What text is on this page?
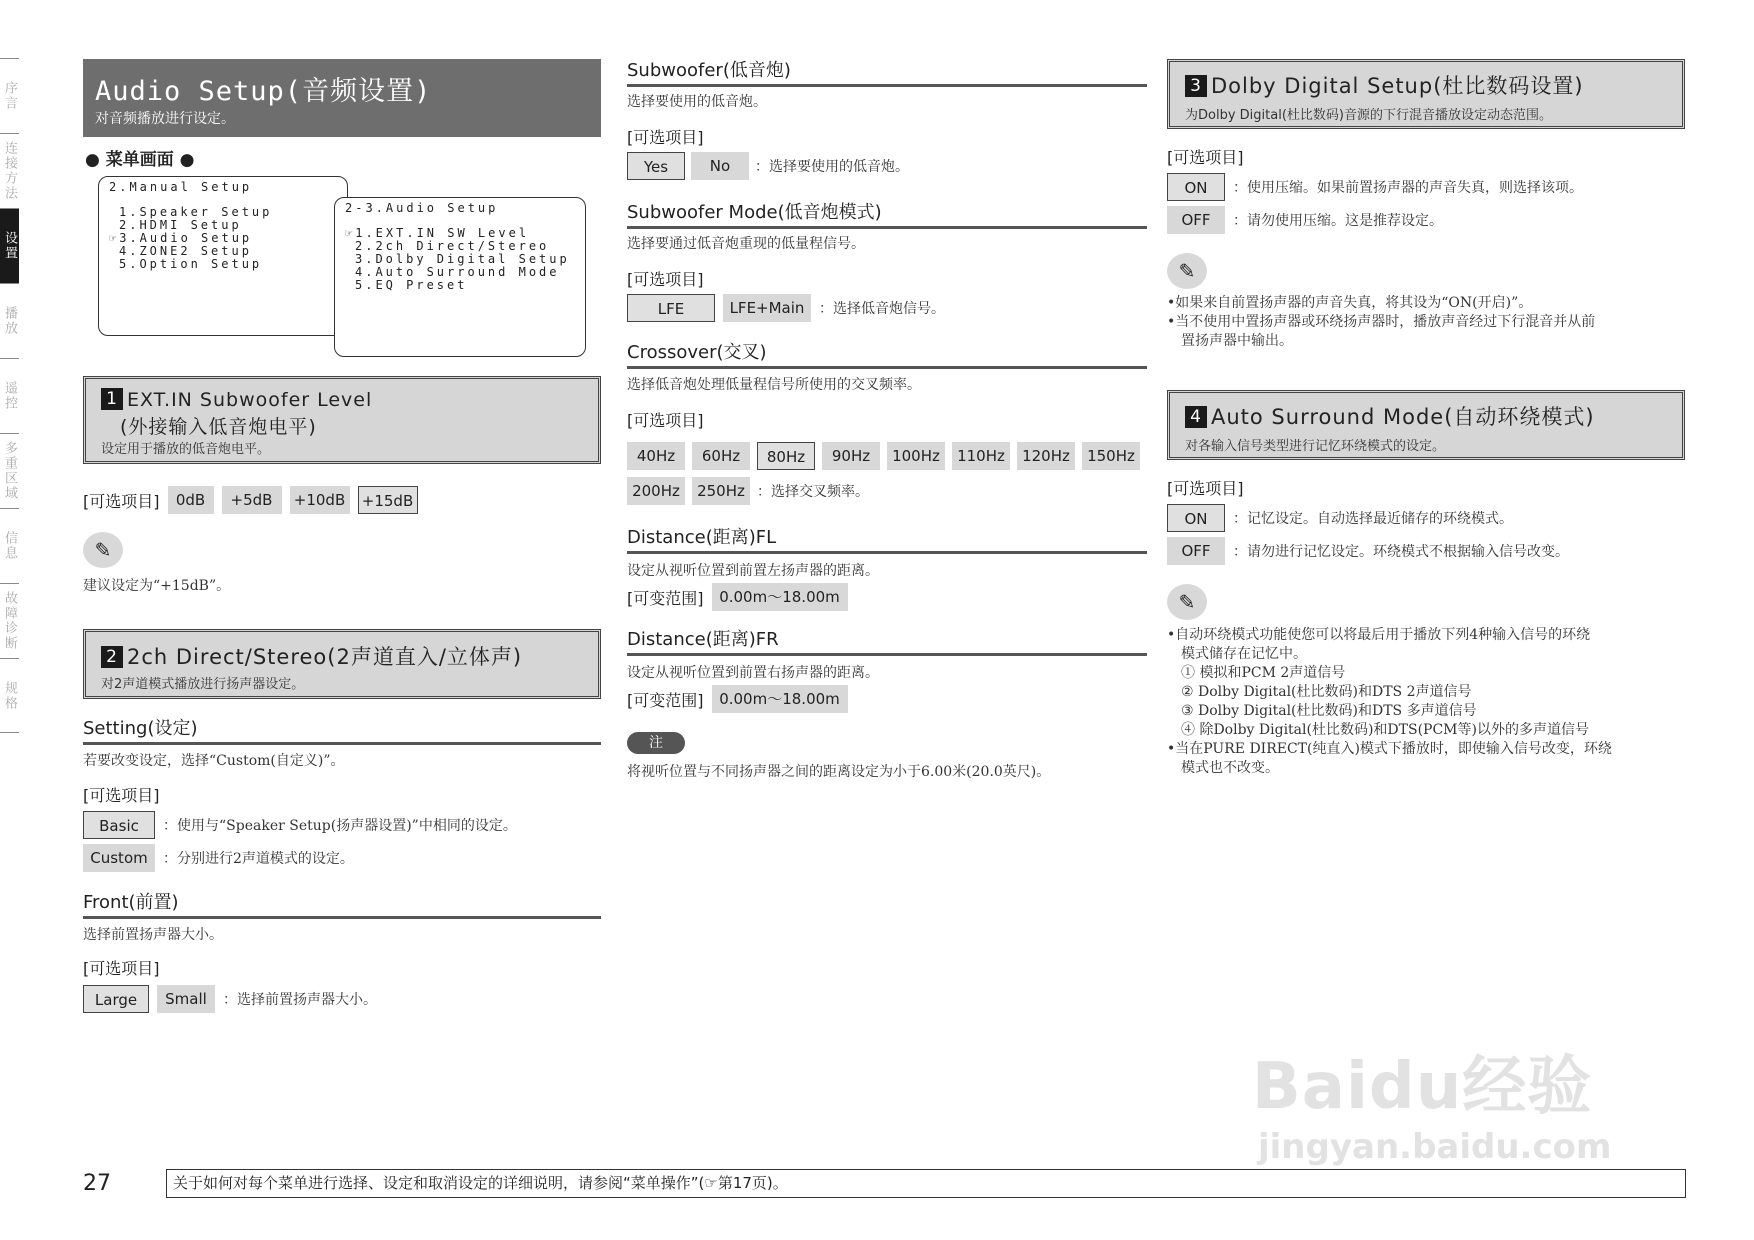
序言
连接方法
设置
播放
遥控
多重区域
信息
故障诊断
规格
Audio Setup(音频设置)
对音频播放进行设定。
● 菜单画面 ●
2.Manual Setup
1.Speaker Setup
2.HDMI Setup
☞3.Audio Setup
4.ZONE2 Setup
5.Option Setup
2-3.Audio Setup
☞1.EXT.IN SW Level
2.2ch Direct/Stereo
3.Dolby Digital Setup
4.Auto Surround Mode
5.EQ Preset
1 EXT.IN Subwoofer Level
(外接输入低音炮电平)
设定用于播放的低音炮电平。
[可选项目]	0dB	+5dB	+10dB +15dB
✎
建议设定为“+15dB”。
2 2ch Direct/Stereo(2声道直入/立体声)
对2声道模式播放进行扬声器设定。
Setting(设定)
若要改变设定，选择“Custom(自定义)”。
[可选项目]
Basic	：使用与“Speaker Setup(扬声器设置)”中相同的设定。
Custom	：分别进行2声道模式的设定。
Front(前置)
选择前置扬声器大小。
[可选项目]
Large	Small	：选择前置扬声器大小。
Subwoofer(低音炮)
选择要使用的低音炮。
[可选项目]
Yes	No	：选择要使用的低音炮。
Subwoofer Mode(低音炮模式)
选择要通过低音炮重现的低量程信号。
[可选项目]
LFE	LFE+Main	：选择低音炮信号。
Crossover(交叉)
选择低音炮处理低量程信号所使用的交叉频率。
[可选项目]
40Hz	60Hz	80Hz	90Hz	100Hz	110Hz	120Hz	150Hz
200Hz	250Hz ：选择交叉频率。
Distance(距离)FL
设定从视听位置到前置左扬声器的距离。
[可变范围]	0.00m～18.00m
Distance(距离)FR
设定从视听位置到前置右扬声器的距离。
[可变范围]	0.00m～18.00m
注
将视听位置与不同扬声器之间的距离设定为小于6.00米(20.0英尺)。
3 Dolby Digital Setup(杜比数码设置)
为Dolby Digital(杜比数码)音源的下行混音播放设定动态范围。
[可选项目]
ON	：使用压缩。如果前置扬声器的声音失真，则选择该项。
OFF	：请勿使用压缩。这是推荐设定。
✎
•如果来自前置扬声器的声音失真，将其设为“ON(开启)”。
•当不使用中置扬声器或环绕扬声器时，播放声音经过下行混音并从前
置扬声器中输出。
4 Auto Surround Mode(自动环绕模式)
对各输入信号类型进行记忆环绕模式的设定。
[可选项目]
ON	：记忆设定。自动选择最近储存的环绕模式。
OFF	：请勿进行记忆设定。环绕模式不根据输入信号改变。
✎
•自动环绕模式功能使您可以将最后用于播放下列4种输入信号的环绕
模式储存在记忆中。
① 模拟和PCM 2声道信号
② Dolby Digital(杜比数码)和DTS 2声道信号
③ Dolby Digital(杜比数码)和DTS 多声道信号
④ 除Dolby Digital(杜比数码)和DTS(PCM等)以外的多声道信号
•当在PURE DIRECT(纯直入)模式下播放时，即使输入信号改变，环绕
模式也不改变。
Baidu经验
jingyan.baidu.com
27	关于如何对每个菜单进行选择、设定和取消设定的详细说明，请参阅“菜单操作”(☞第17页)。
